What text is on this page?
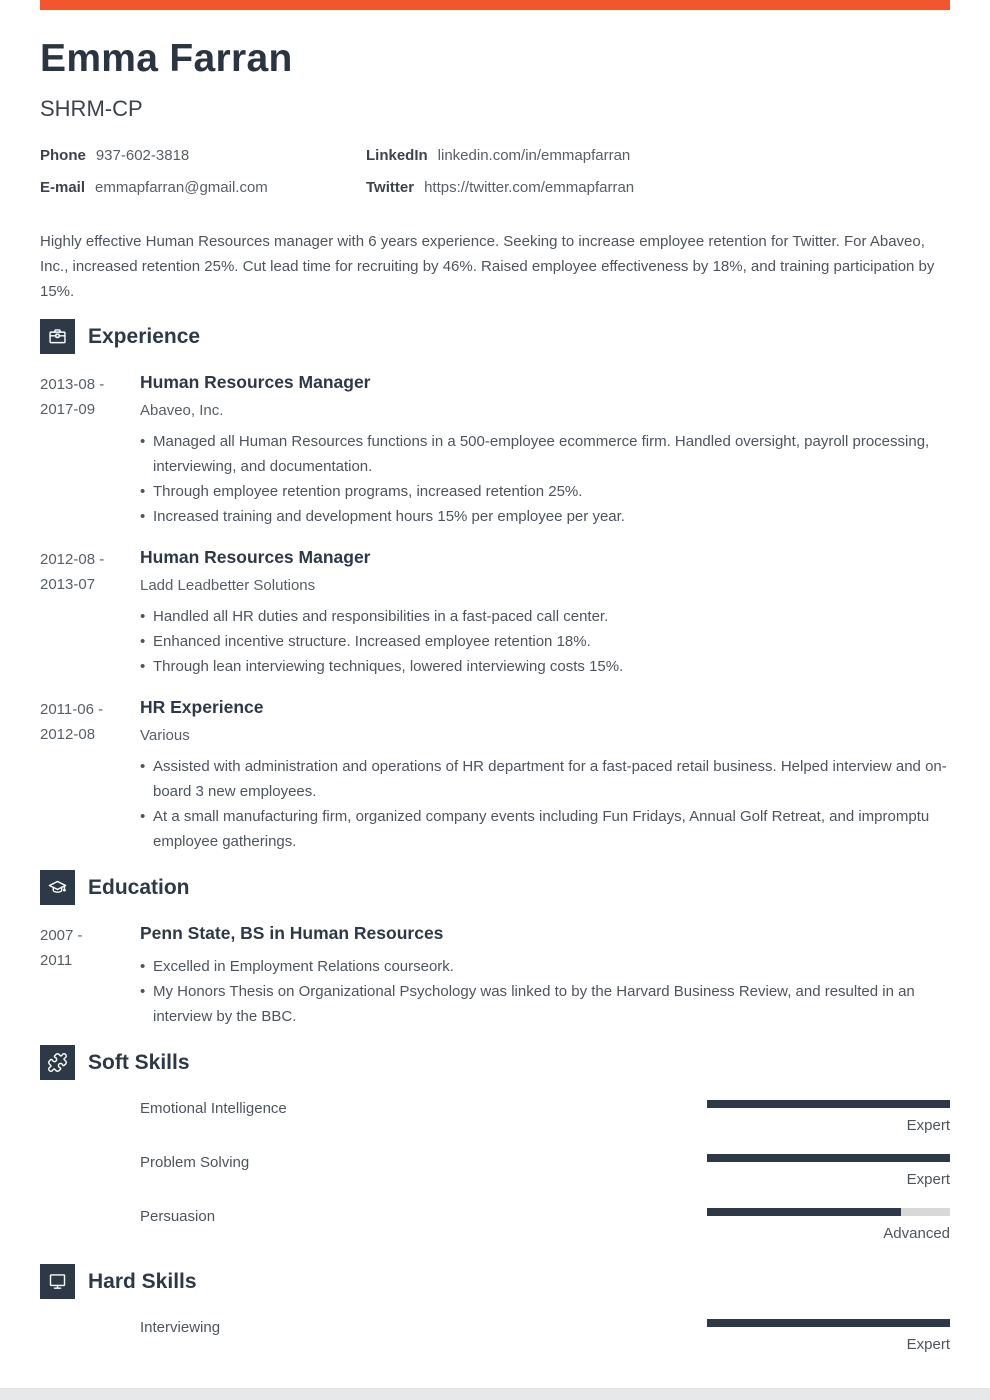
Emma Farran
SHRM-CP
Phone 937-602-3818	LinkedIn linkedin.com/in/emmapfarran
E-mail emmapfarran@gmail.com	Twitter https://twitter.com/emmapfarran

Highly effective Human Resources manager with 6 years experience. Seeking to increase employee retention for Twitter. For Abaveo, Inc., increased retention 25%. Cut lead time for recruiting by 46%. Raised employee effectiveness by 18%, and training participation by 15%.

Experience
2013-08 -
2017-09
Human Resources Manager
Abaveo, Inc.
• Managed all Human Resources functions in a 500-employee ecommerce firm. Handled oversight, payroll processing, interviewing, and documentation.
• Through employee retention programs, increased retention 25%.
• Increased training and development hours 15% per employee per year.
2012-08 -
2013-07
Human Resources Manager
Ladd Leadbetter Solutions
• Handled all HR duties and responsibilities in a fast-paced call center.
• Enhanced incentive structure. Increased employee retention 18%.
• Through lean interviewing techniques, lowered interviewing costs 15%.
2011-06 -
2012-08
HR Experience
Various
• Assisted with administration and operations of HR department for a fast-paced retail business. Helped interview and on-board 3 new employees.
• At a small manufacturing firm, organized company events including Fun Fridays, Annual Golf Retreat, and impromptu employee gatherings.
Education
2007 -
2011
Penn State, BS in Human Resources
• Excelled in Employment Relations courseork.
• My Honors Thesis on Organizational Psychology was linked to by the Harvard Business Review, and resulted in an interview by the BBC.
Soft Skills
Emotional Intelligence
Expert
Problem Solving
Expert
Persuasion
Advanced
Hard Skills
Interviewing
Expert
